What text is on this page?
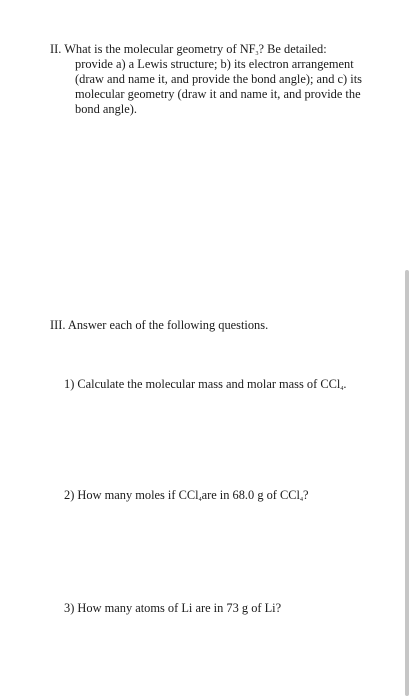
II. What is the molecular geometry of $NF_3$? Be detailed:
provide a) a Lewis structure; b) its electron arrangement (draw and name it, and provide the bond angle); and c) its molecular geometry (draw it and name it, and provide the bond angle).
III. Answer each of the following questions.
1) Calculate the molecular mass and molar mass of CCl$_4$.
2) How many moles if CCl$_4$are in 68.0 g of CCl$_4$?
3) How many atoms of Li are in 73 g of Li?
